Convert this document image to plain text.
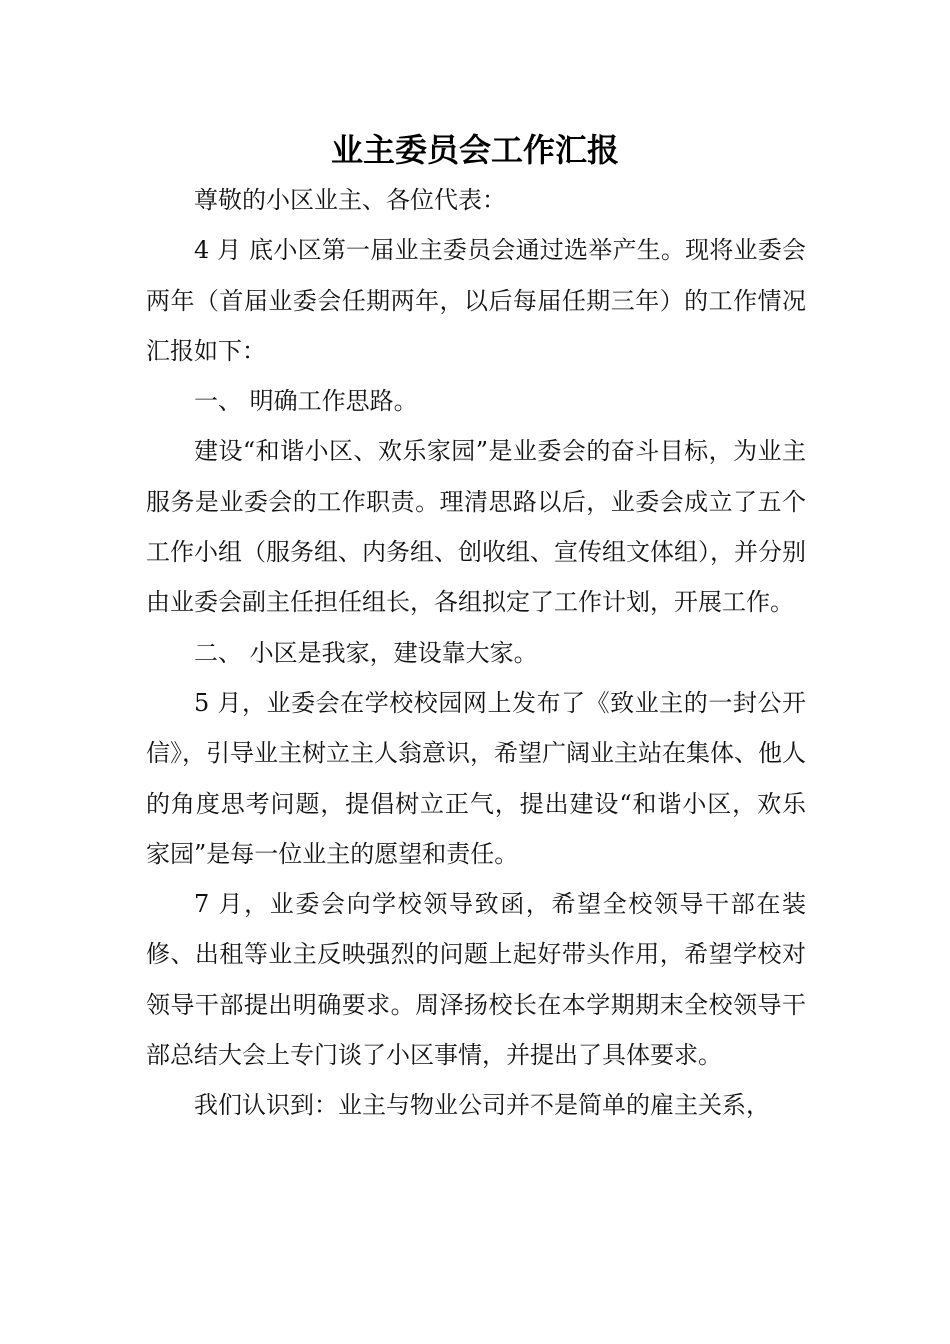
业主委员会工作汇报

尊敬的小区业主、各位代表：

4 月 底小区第一届业主委员会通过选举产生。现将业委会两年（首届业委会任期两年，以后每届任期三年）的工作情况汇报如下：

一、 明确工作思路。

建设“和谐小区、欢乐家园”是业委会的奋斗目标，为业主服务是业委会的工作职责。理清思路以后，业委会成立了五个工作小组（服务组、内务组、创收组、宣传组文体组），并分别由业委会副主任担任组长，各组拟定了工作计划，开展工作。

二、 小区是我家，建设靠大家。

5 月，业委会在学校校园网上发布了《致业主的一封公开信》，引导业主树立主人翁意识，希望广阔业主站在集体、他人的角度思考问题，提倡树立正气，提出建设“和谐小区，欢乐家园”是每一位业主的愿望和责任。

7 月，业委会向学校领导致函，希望全校领导干部在装修、出租等业主反映强烈的问题上起好带头作用，希望学校对领导干部提出明确要求。周泽扬校长在本学期期末全校领导干部总结大会上专门谈了小区事情，并提出了具体要求。

我们认识到：业主与物业公司并不是简单的雇主关系，
